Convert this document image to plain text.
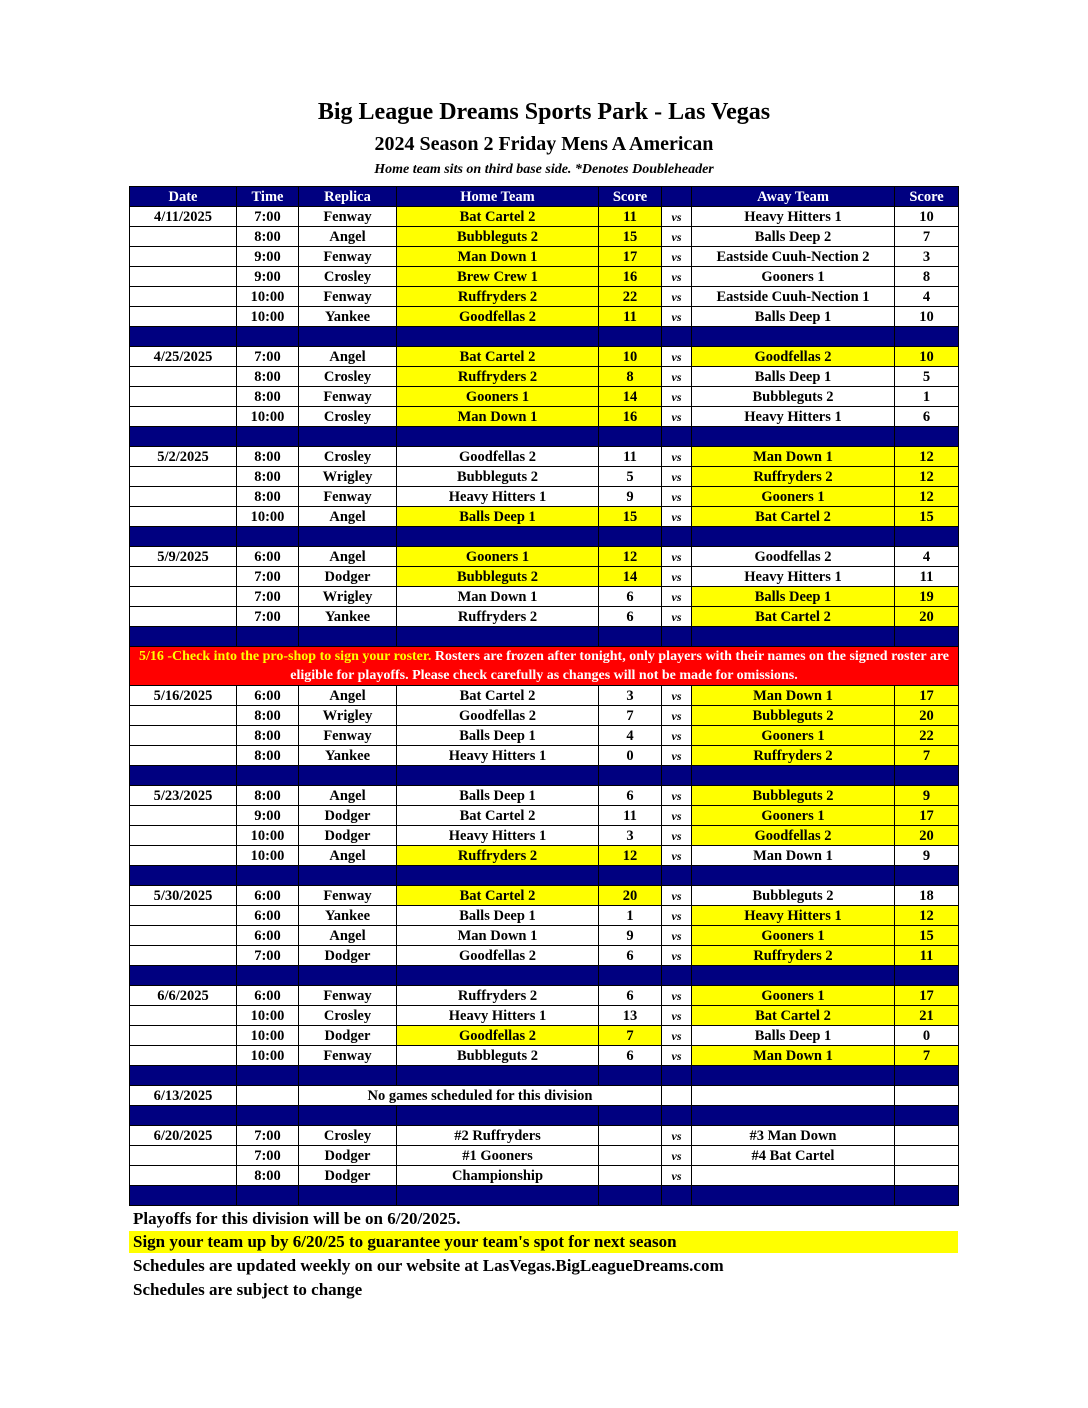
Big League Dreams Sports Park - Las Vegas
2024 Season 2 Friday Mens A American
Home team sits on third base side. *Denotes Doubleheader
Date	Time	Replica	Home Team	Score		Away Team	Score
4/11/2025	7:00	Fenway	Bat Cartel 2	11	vs	Heavy Hitters 1	10
	8:00	Angel	Bubbleguts 2	15	vs	Balls Deep 2	7
	9:00	Fenway	Man Down 1	17	vs	Eastside Cuuh-Nection 2	3
	9:00	Crosley	Brew Crew 1	16	vs	Gooners 1	8
	10:00	Fenway	Ruffryders 2	22	vs	Eastside Cuuh-Nection 1	4
	10:00	Yankee	Goodfellas 2	11	vs	Balls Deep 1	10

4/25/2025	7:00	Angel	Bat Cartel 2	10	vs	Goodfellas 2	10
	8:00	Crosley	Ruffryders 2	8	vs	Balls Deep 1	5
	8:00	Fenway	Gooners 1	14	vs	Bubbleguts 2	1
	10:00	Crosley	Man Down 1	16	vs	Heavy Hitters 1	6

5/2/2025	8:00	Crosley	Goodfellas 2	11	vs	Man Down 1	12
	8:00	Wrigley	Bubbleguts 2	5	vs	Ruffryders 2	12
	8:00	Fenway	Heavy Hitters 1	9	vs	Gooners 1	12
	10:00	Angel	Balls Deep 1	15	vs	Bat Cartel 2	15

5/9/2025	6:00	Angel	Gooners 1	12	vs	Goodfellas 2	4
	7:00	Dodger	Bubbleguts 2	14	vs	Heavy Hitters 1	11
	7:00	Wrigley	Man Down 1	6	vs	Balls Deep 1	19
	7:00	Yankee	Ruffryders 2	6	vs	Bat Cartel 2	20

5/16 -Check into the pro-shop to sign your roster. Rosters are frozen after tonight, only players with their names on the signed roster are eligible for playoffs. Please check carefully as changes will not be made for omissions.							
5/16/2025	6:00	Angel	Bat Cartel 2	3	vs	Man Down 1	17
	8:00	Wrigley	Goodfellas 2	7	vs	Bubbleguts 2	20
	8:00	Fenway	Balls Deep 1	4	vs	Gooners 1	22
	8:00	Yankee	Heavy Hitters 1	0	vs	Ruffryders 2	7

5/23/2025	8:00	Angel	Balls Deep 1	6	vs	Bubbleguts 2	9
	9:00	Dodger	Bat Cartel 2	11	vs	Gooners 1	17
	10:00	Dodger	Heavy Hitters 1	3	vs	Goodfellas 2	20
	10:00	Angel	Ruffryders 2	12	vs	Man Down 1	9

5/30/2025	6:00	Fenway	Bat Cartel 2	20	vs	Bubbleguts 2	18
	6:00	Yankee	Balls Deep 1	1	vs	Heavy Hitters 1	12
	6:00	Angel	Man Down 1	9	vs	Gooners 1	15
	7:00	Dodger	Goodfellas 2	6	vs	Ruffryders 2	11

6/6/2025	6:00	Fenway	Ruffryders 2	6	vs	Gooners 1	17
	10:00	Crosley	Heavy Hitters 1	13	vs	Bat Cartel 2	21
	10:00	Dodger	Goodfellas 2	7	vs	Balls Deep 1	0
	10:00	Fenway	Bubbleguts 2	6	vs	Man Down 1	7

6/13/2025		No games scheduled for this division					

6/20/2025	7:00	Crosley	#2 Ruffryders		vs	#3 Man Down	
	7:00	Dodger	#1 Gooners		vs	#4 Bat Cartel	
	8:00	Dodger	Championship		vs		

Playoffs for this division will be on 6/20/2025.
Sign your team up by 6/20/25 to guarantee your team's spot for next season
Schedules are updated weekly on our website at LasVegas.BigLeagueDreams.com
Schedules are subject to change
